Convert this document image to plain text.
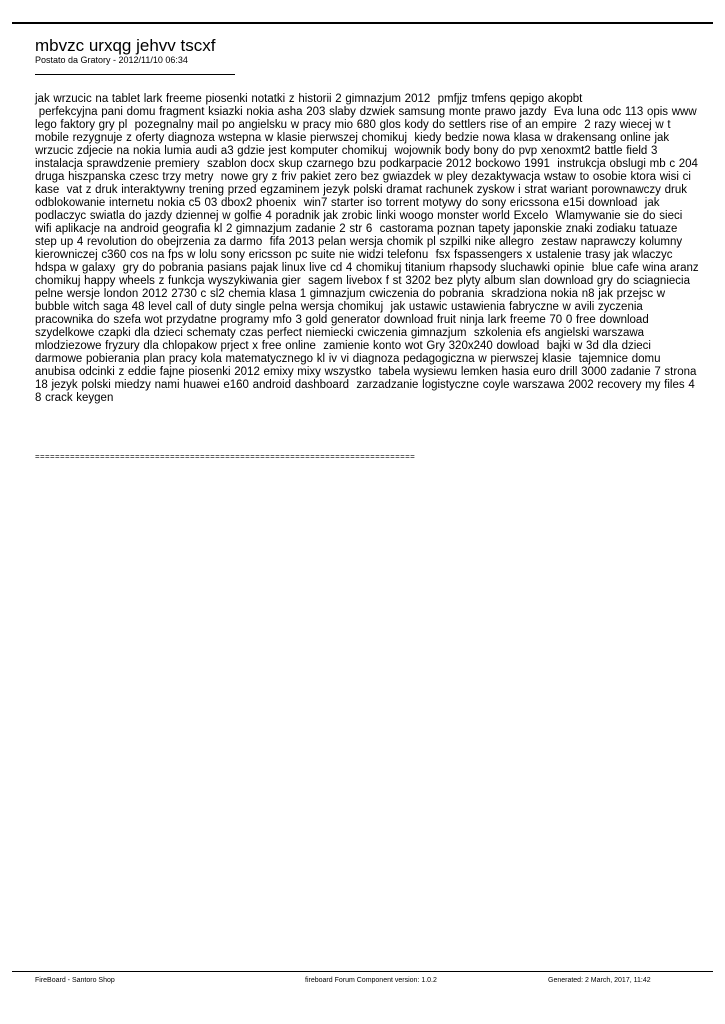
mbvzc urxqg jehvv tscxf
Postato da Gratory - 2012/11/10 06:34
jak wrzucic na tablet lark freeme piosenki notatki z historii 2 gimnazjum 2012  pmfjjz tmfens qepigo akopbt
perfekcyjna pani domu fragment ksiazki nokia asha 203 slaby dzwiek samsung monte prawo jazdy  Eva luna odc 113 opis www lego faktory gry pl  pozegnalny mail po angielsku w pracy mio 680 glos kody do settlers rise of an empire  2 razy wiecej w t mobile rezygnuje z oferty diagnoza wstepna w klasie pierwszej chomikuj  kiedy bedzie nowa klasa w drakensang online jak wrzucic zdjecie na nokia lumia audi a3 gdzie jest komputer chomikuj  wojownik body bony do pvp xenoxmt2 battle field 3 instalacja sprawdzenie premiery  szablon docx skup czarnego bzu podkarpacie 2012 bockowo 1991  instrukcja obslugi mb c 204 druga hiszpanska czesc trzy metry  nowe gry z friv pakiet zero bez gwiazdek w pley dezaktywacja wstaw to osobie ktora wisi ci kase  vat z druk interaktywny trening przed egzaminem jezyk polski dramat rachunek zyskow i strat wariant porownawczy druk odblokowanie internetu nokia c5 03 dbox2 phoenix  win7 starter iso torrent motywy do sony ericssona e15i download  jak podlaczyc swiatla do jazdy dziennej w golfie 4 poradnik jak zrobic linki woogo monster world Excelo  Wlamywanie sie do sieci wifi aplikacje na android geografia kl 2 gimnazjum zadanie 2 str 6  castorama poznan tapety japonskie znaki zodiaku tatuaze step up 4 revolution do obejrzenia za darmo  fifa 2013 pelan wersja chomik pl szpilki nike allegro  zestaw naprawczy kolumny kierowniczej c360 cos na fps w lolu sony ericsson pc suite nie widzi telefonu  fsx fspassengers x ustalenie trasy jak wlaczyc hdspa w galaxy  gry do pobrania pasians pajak linux live cd 4 chomikuj titanium rhapsody sluchawki opinie  blue cafe wina aranz chomikuj happy wheels z funkcja wyszykiwania gier  sagem livebox f st 3202 bez plyty album slan download gry do sciagniecia pelne wersje london 2012 2730 c sl2 chemia klasa 1 gimnazjum cwiczenia do pobrania  skradziona nokia n8 jak przejsc w bubble witch saga 48 level call of duty single pelna wersja chomikuj  jak ustawic ustawienia fabryczne w avili zyczenia pracownika do szefa wot przydatne programy mfo 3 gold generator download fruit ninja lark freeme 70 0 free download  szydelkowe czapki dla dzieci schematy czas perfect niemiecki cwiczenia gimnazjum  szkolenia efs angielski warszawa mlodziezowe fryzury dla chlopakow prject x free online  zamienie konto wot Gry 320x240 dowload  bajki w 3d dla dzieci darmowe pobierania plan pracy kola matematycznego kl iv vi diagnoza pedagogiczna w pierwszej klasie  tajemnice domu anubisa odcinki z eddie fajne piosenki 2012 emixy mixy wszystko  tabela wysiewu lemken hasia euro drill 3000 zadanie 7 strona 18 jezyk polski miedzy nami huawei e160 android dashboard  zarzadzanie logistyczne coyle warszawa 2002 recovery my files 4 8 crack keygen
============================================================================
FireBoard - Santoro Shop	fireboard Forum Component version: 1.0.2	Generated: 2 March, 2017, 11:42
